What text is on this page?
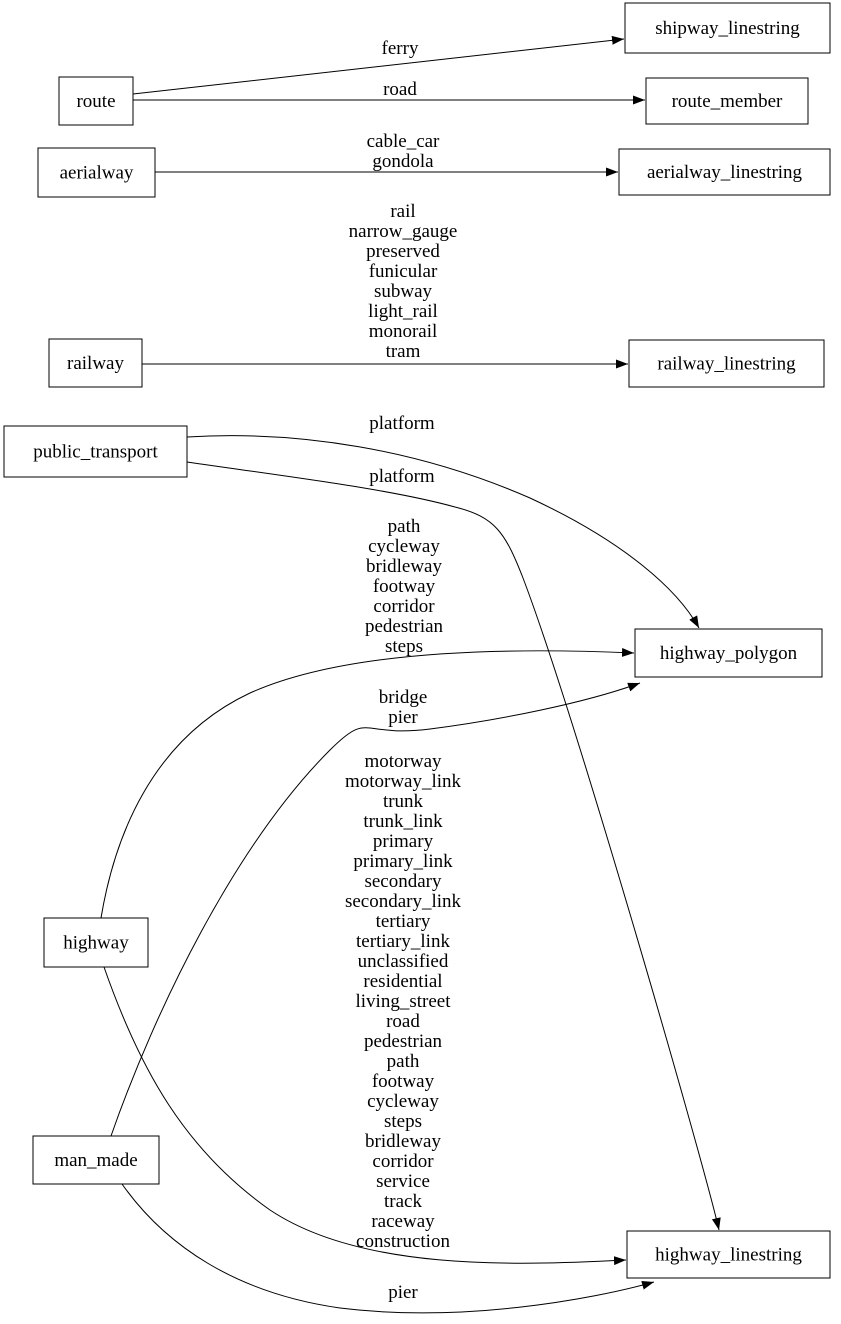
ferry
road
cable_car
gondola
rail
narrow_gauge
preserved
funicular
subway
light_rail
monorail
tram
platform
platform
path
cycleway
bridleway
footway
corridor
pedestrian
steps
bridge
pier
motorway
motorway_link
trunk
trunk_link
primary
primary_link
secondary
secondary_link
tertiary
tertiary_link
unclassified
residential
living_street
road
pedestrian
path
footway
cycleway
steps
bridleway
corridor
service
track
raceway
construction
pier
route
shipway_linestring
route_member
aerialway	aerialway_linestring
railway	railway_linestring
public_transport
highway_polygon
highway
man_made
highway_linestring
